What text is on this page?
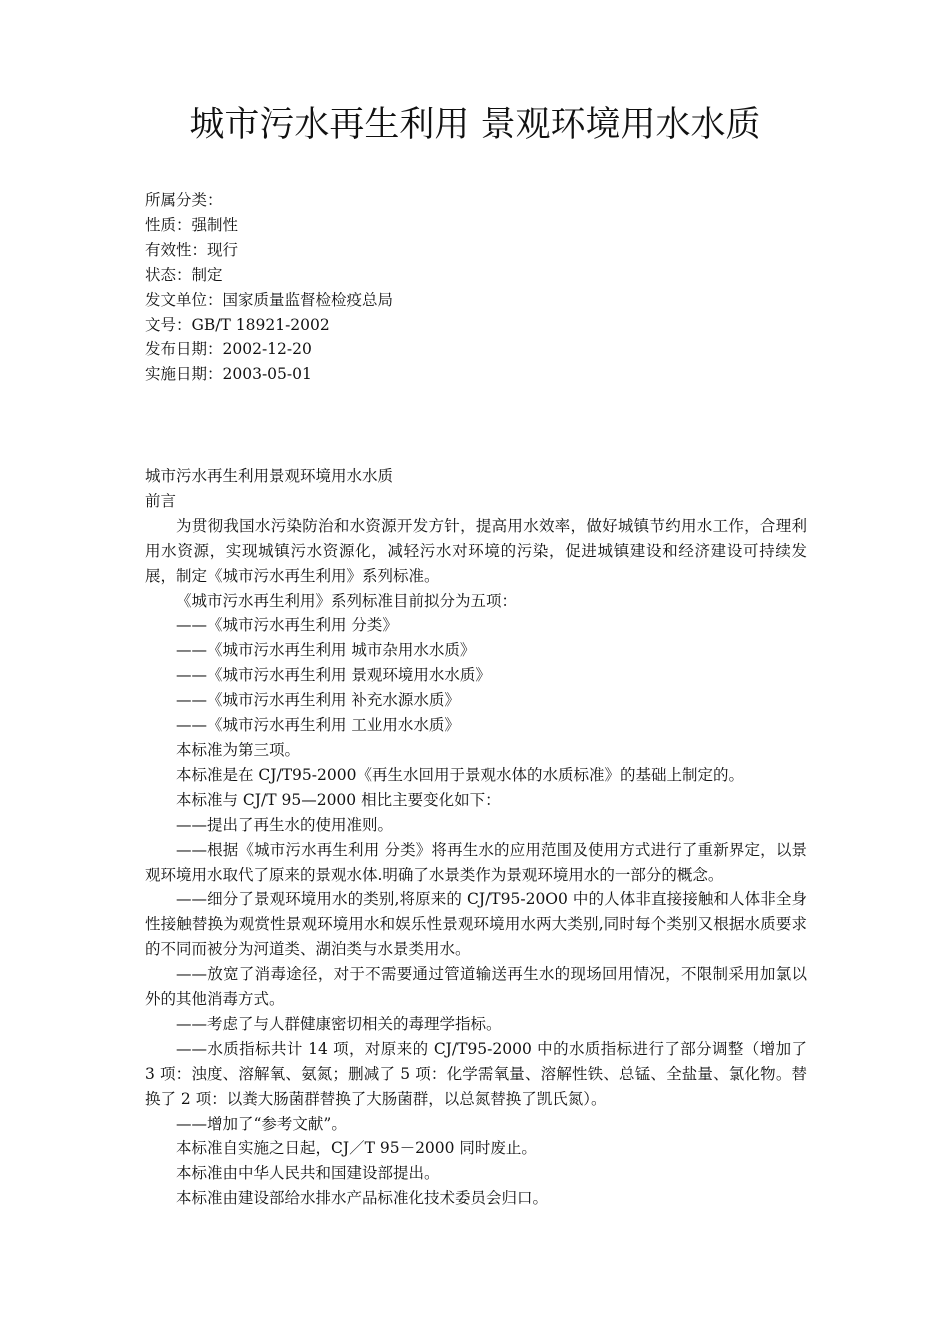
城市污水再生利用 景观环境用水水质
所属分类：
性质：强制性
有效性：现行
状态：制定
发文单位：国家质量监督检检疫总局
文号：GB/T 18921-2002
发布日期：2002-12-20
实施日期：2003-05-01

城市污水再生利用景观环境用水水质

前言

为贯彻我国水污染防治和水资源开发方针，提高用水效率，做好城镇节约用水工作，合理利用水资源，实现城镇污水资源化，减轻污水对环境的污染，促进城镇建设和经济建设可持续发展，制定《城市污水再生利用》系列标准。

《城市污水再生利用》系列标准目前拟分为五项：

——《城市污水再生利用 分类》

——《城市污水再生利用 城市杂用水水质》

——《城市污水再生利用 景观环境用水水质》

——《城市污水再生利用 补充水源水质》

——《城市污水再生利用 工业用水水质》

本标准为第三项。

本标准是在 CJ/T95-2000《再生水回用于景观水体的水质标准》的基础上制定的。

本标准与 CJ/T 95—2000 相比主要变化如下：

——提出了再生水的使用准则。

——根据《城市污水再生利用 分类》将再生水的应用范围及使用方式进行了重新界定，以景观环境用水取代了原来的景观水体.明确了水景类作为景观环境用水的一部分的概念。

——细分了景观环境用水的类别,将原来的 CJ/T95-20O0 中的人体非直接接触和人体非全身性接触替换为观赏性景观环境用水和娱乐性景观环境用水两大类别,同时每个类别又根据水质要求的不同而被分为河道类、湖泊类与水景类用水。

——放宽了消毒途径，对于不需要通过管道输送再生水的现场回用情况，不限制采用加氯以外的其他消毒方式。

——考虑了与人群健康密切相关的毒理学指标。

——水质指标共计 14 项，对原来的 CJ/T95-2000 中的水质指标进行了部分调整（增加了 3 项：浊度、溶解氧、氨氮；删减了 5 项：化学需氧量、溶解性铁、总锰、全盐量、氯化物。替换了 2 项：以粪大肠菌群替换了大肠菌群，以总氮替换了凯氏氮）。

——增加了“参考文献”。

本标准自实施之日起，CJ／T 95－2000 同时废止。

本标准由中华人民共和国建设部提出。

本标准由建设部给水排水产品标准化技术委员会归口。
